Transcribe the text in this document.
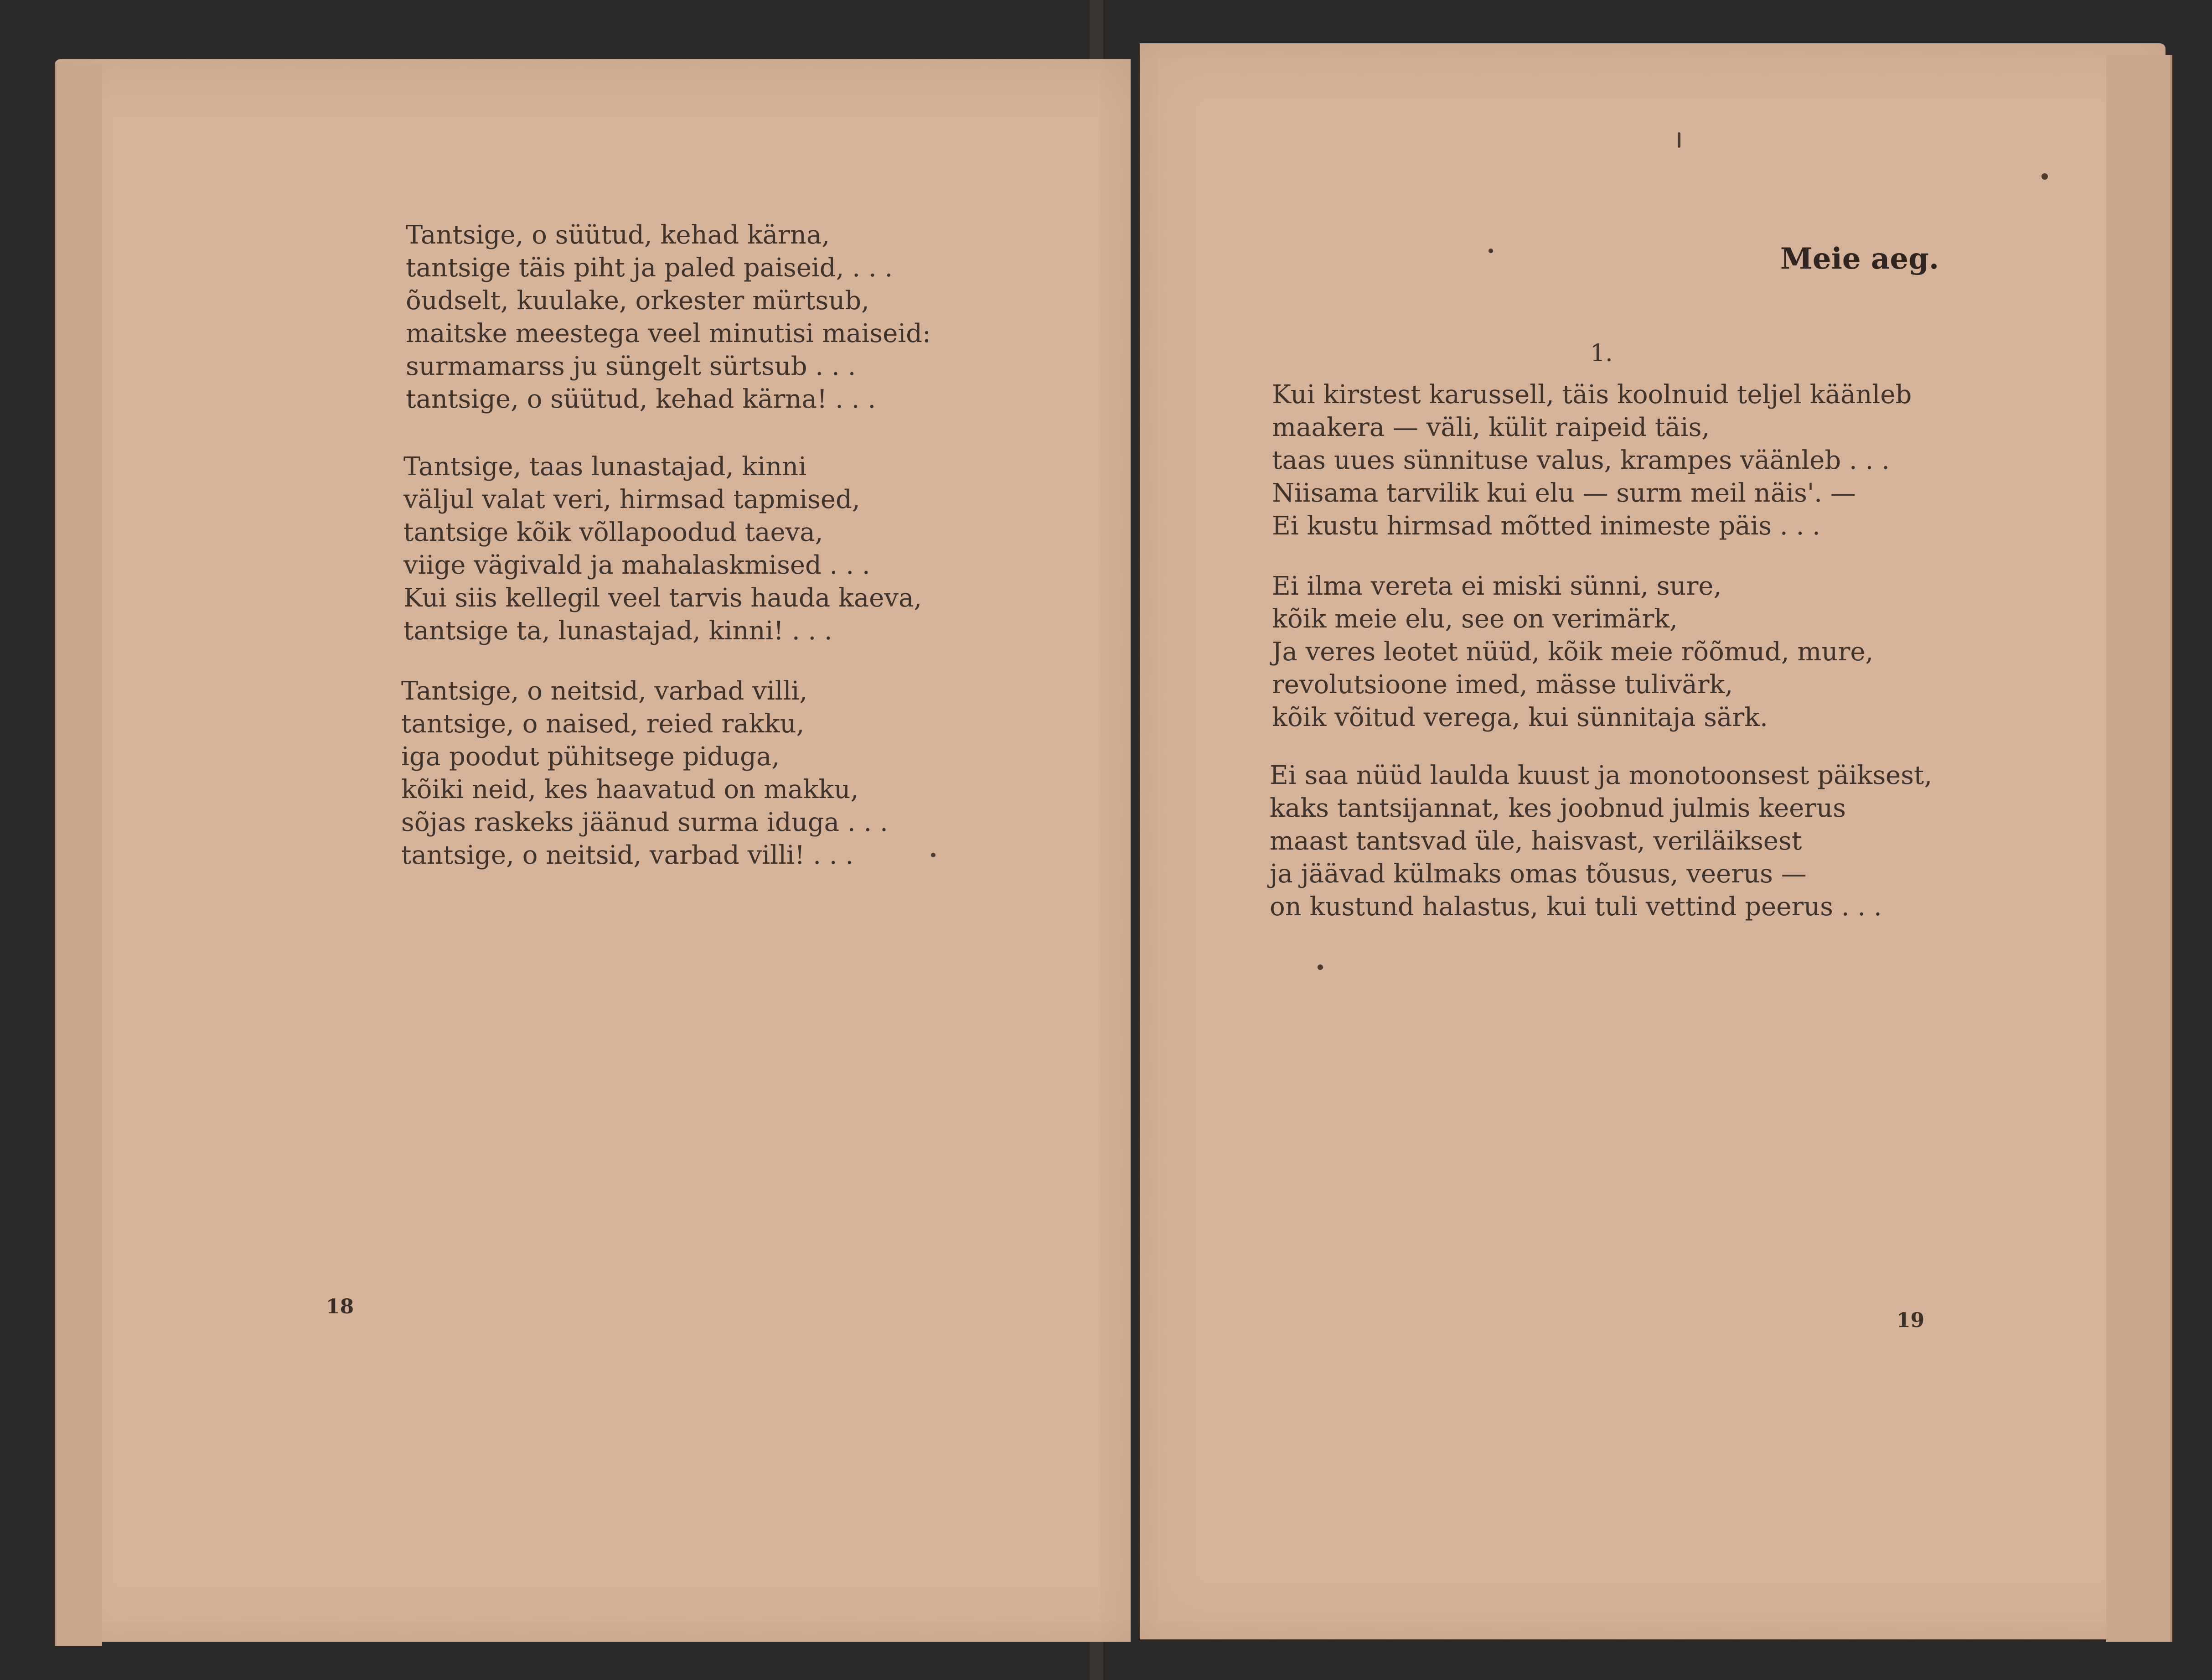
Tantsige, o süütud, kehad kärna,
tantsige täis piht ja paled paiseid, . . .
õudselt, kuulake, orkester mürtsub,
maitske meestega veel minutisi maiseid:
surmamarss ju süngelt sürtsub . . .
tantsige, o süütud, kehad kärna! . . .
Tantsige, taas lunastajad, kinni
väljul valat veri, hirmsad tapmised,
tantsige kõik võllapoodud taeva,
viige vägivald ja mahalaskmised . . .
Kui siis kellegil veel tarvis hauda kaeva,
tantsige ta, lunastajad, kinni! . . .
Tantsige, o neitsid, varbad villi,
tantsige, o naised, reied rakku,
iga poodut pühitsege piduga,
kõiki neid, kes haavatud on makku,
sõjas raskeks jäänud surma iduga . . .
tantsige, o neitsid, varbad villi! . . .
18
Meie aeg.
1.
Kui kirstest karussell, täis koolnuid teljel käänleb
maakera — väli, külit raipeid täis,
taas uues sünnituse valus, krampes väänleb . . .
Niisama tarvilik kui elu — surm meil näis'. —
Ei kustu hirmsad mõtted inimeste päis . . .
Ei ilma vereta ei miski sünni, sure,
kõik meie elu, see on verimärk,
Ja veres leotet nüüd, kõik meie rõõmud, mure,
revolutsioone imed, mässe tulivärk,
kõik võitud verega, kui sünnitaja särk.
Ei saa nüüd laulda kuust ja monotoonsest päiksest,
kaks tantsijannat, kes joobnud julmis keerus
maast tantsvad üle, haisvast, veriläiksest
ja jäävad külmaks omas tõusus, veerus —
on kustund halastus, kui tuli vettind peerus . . .
19
